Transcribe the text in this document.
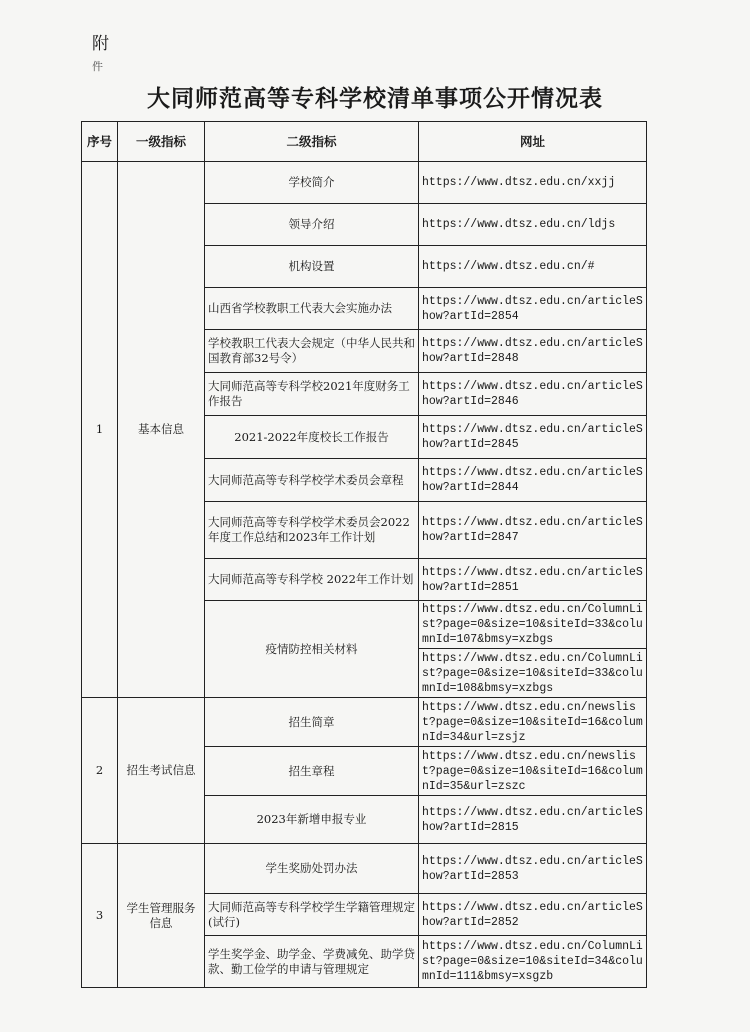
附
件
大同师范高等专科学校清单事项公开情况表
序号	一级指标	二级指标	网址
1	基本信息	学校简介	https://www.dtsz.edu.cn/xxjj
		领导介绍	https://www.dtsz.edu.cn/ldjs
		机构设置	https://www.dtsz.edu.cn/#
		山西省学校教职工代表大会实施办法	https://www.dtsz.edu.cn/articleShow?artId=2854
		学校教职工代表大会规定（中华人民共和国教育部32号令）	https://www.dtsz.edu.cn/articleShow?artId=2848
		大同师范高等专科学校2021年度财务工作报告	https://www.dtsz.edu.cn/articleShow?artId=2846
		2021-2022年度校长工作报告	https://www.dtsz.edu.cn/articleShow?artId=2845
		大同师范高等专科学校学术委员会章程	https://www.dtsz.edu.cn/articleShow?artId=2844
		大同师范高等专科学校学术委员会2022年度工作总结和2023年工作计划	https://www.dtsz.edu.cn/articleShow?artId=2847
		大同师范高等专科学校 2022年工作计划	https://www.dtsz.edu.cn/articleShow?artId=2851
		疫情防控相关材料	https://www.dtsz.edu.cn/ColumnList?page=0&size=10&siteId=33&columnId=107&bmsy=xzbgs
			https://www.dtsz.edu.cn/ColumnList?page=0&size=10&siteId=33&columnId=108&bmsy=xzbgs
2	招生考试信息	招生简章	https://www.dtsz.edu.cn/newslist?page=0&size=10&siteId=16&columnId=34&url=zsjz
		招生章程	https://www.dtsz.edu.cn/newslist?page=0&size=10&siteId=16&columnId=35&url=zszc
		2023年新增申报专业	https://www.dtsz.edu.cn/articleShow?artId=2815
3	学生管理服务信息	学生奖励处罚办法	https://www.dtsz.edu.cn/articleShow?artId=2853
		大同师范高等专科学校学生学籍管理规定(试行)	https://www.dtsz.edu.cn/articleShow?artId=2852
		学生奖学金、助学金、学费减免、助学贷款、勤工俭学的申请与管理规定	https://www.dtsz.edu.cn/ColumnList?page=0&size=10&siteId=34&columnId=111&bmsy=xsgzb
